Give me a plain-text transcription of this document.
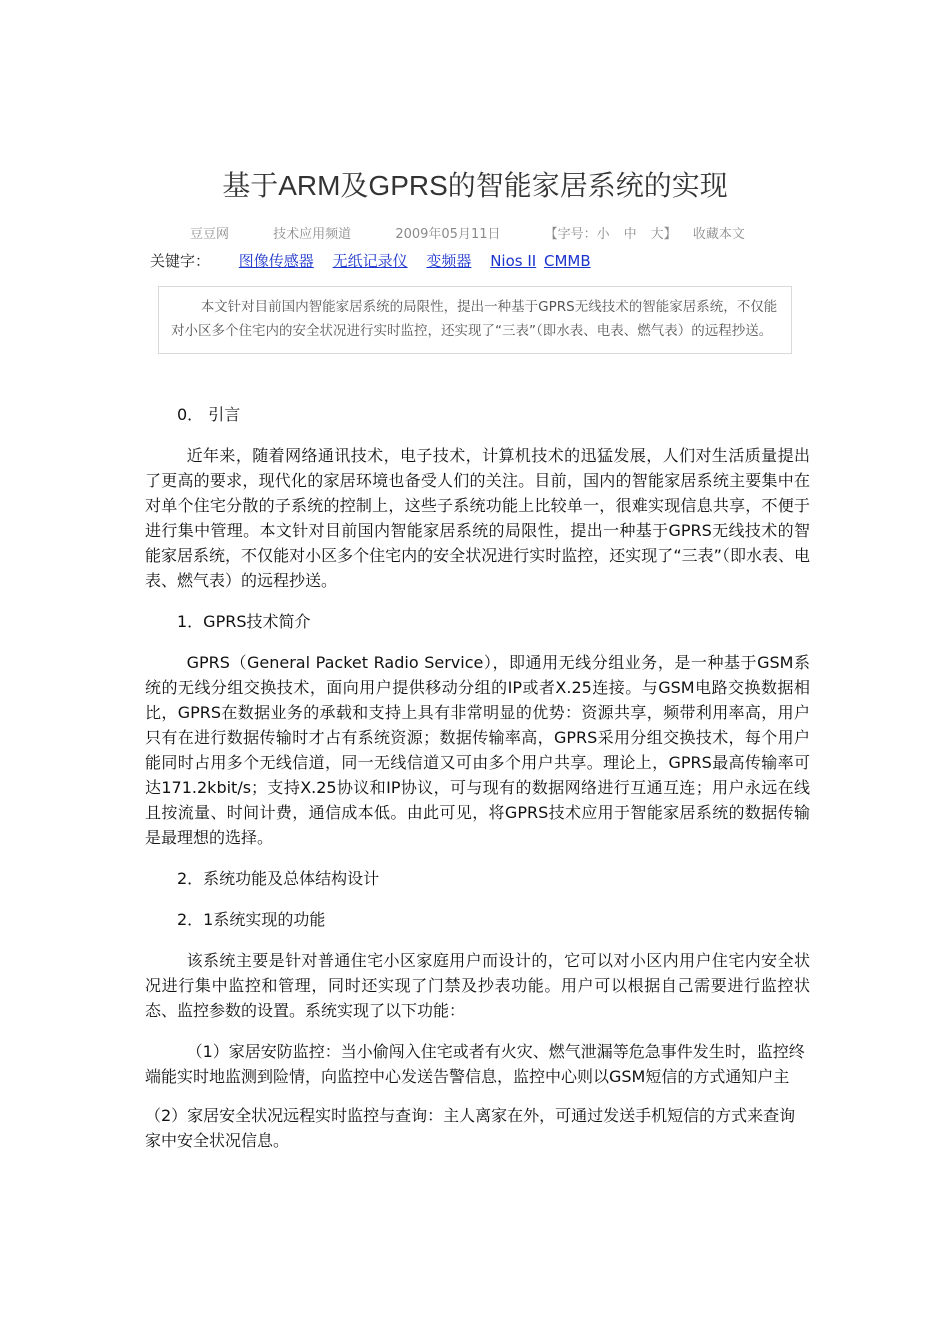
基于ARM及GPRS的智能家居系统的实现
豆豆网	技术应用频道	2009年05月11日	【字号：小 中 大】 收藏本文
关键字： 图像传感器 无纸记录仪 变频器 Nios II CMMB

本文针对目前国内智能家居系统的局限性，提出一种基于GPRS无线技术的智能家居系统，不仅能对小区多个住宅内的安全状况进行实时监控，还实现了“三表”（即水表、电表、燃气表）的远程抄送。

0． 引言

近年来，随着网络通讯技术，电子技术，计算机技术的迅猛发展，人们对生活质量提出了更高的要求，现代化的家居环境也备受人们的关注。目前，国内的智能家居系统主要集中在对单个住宅分散的子系统的控制上，这些子系统功能上比较单一，很难实现信息共享，不便于进行集中管理。本文针对目前国内智能家居系统的局限性，提出一种基于GPRS无线技术的智能家居系统，不仅能对小区多个住宅内的安全状况进行实时监控，还实现了“三表”（即水表、电表、燃气表）的远程抄送。

1．GPRS技术简介

GPRS（General Packet Radio Service），即通用无线分组业务，是一种基于GSM系统的无线分组交换技术，面向用户提供移动分组的IP或者X.25连接。与GSM电路交换数据相比，GPRS在数据业务的承载和支持上具有非常明显的优势：资源共享，频带利用率高，用户只有在进行数据传输时才占有系统资源；数据传输率高，GPRS采用分组交换技术，每个用户能同时占用多个无线信道，同一无线信道又可由多个用户共享。理论上，GPRS最高传输率可达171.2kbit/s；支持X.25协议和IP协议，可与现有的数据网络进行互通互连；用户永远在线且按流量、时间计费，通信成本低。由此可见，将GPRS技术应用于智能家居系统的数据传输是最理想的选择。

2．系统功能及总体结构设计

2．1系统实现的功能

该系统主要是针对普通住宅小区家庭用户而设计的，它可以对小区内用户住宅内安全状况进行集中监控和管理，同时还实现了门禁及抄表功能。用户可以根据自己需要进行监控状态、监控参数的设置。系统实现了以下功能：

（1）家居安防监控：当小偷闯入住宅或者有火灾、燃气泄漏等危急事件发生时，监控终端能实时地监测到险情，向监控中心发送告警信息，监控中心则以GSM短信的方式通知户主

（2）家居安全状况远程实时监控与查询：主人离家在外，可通过发送手机短信的方式来查询家中安全状况信息。
